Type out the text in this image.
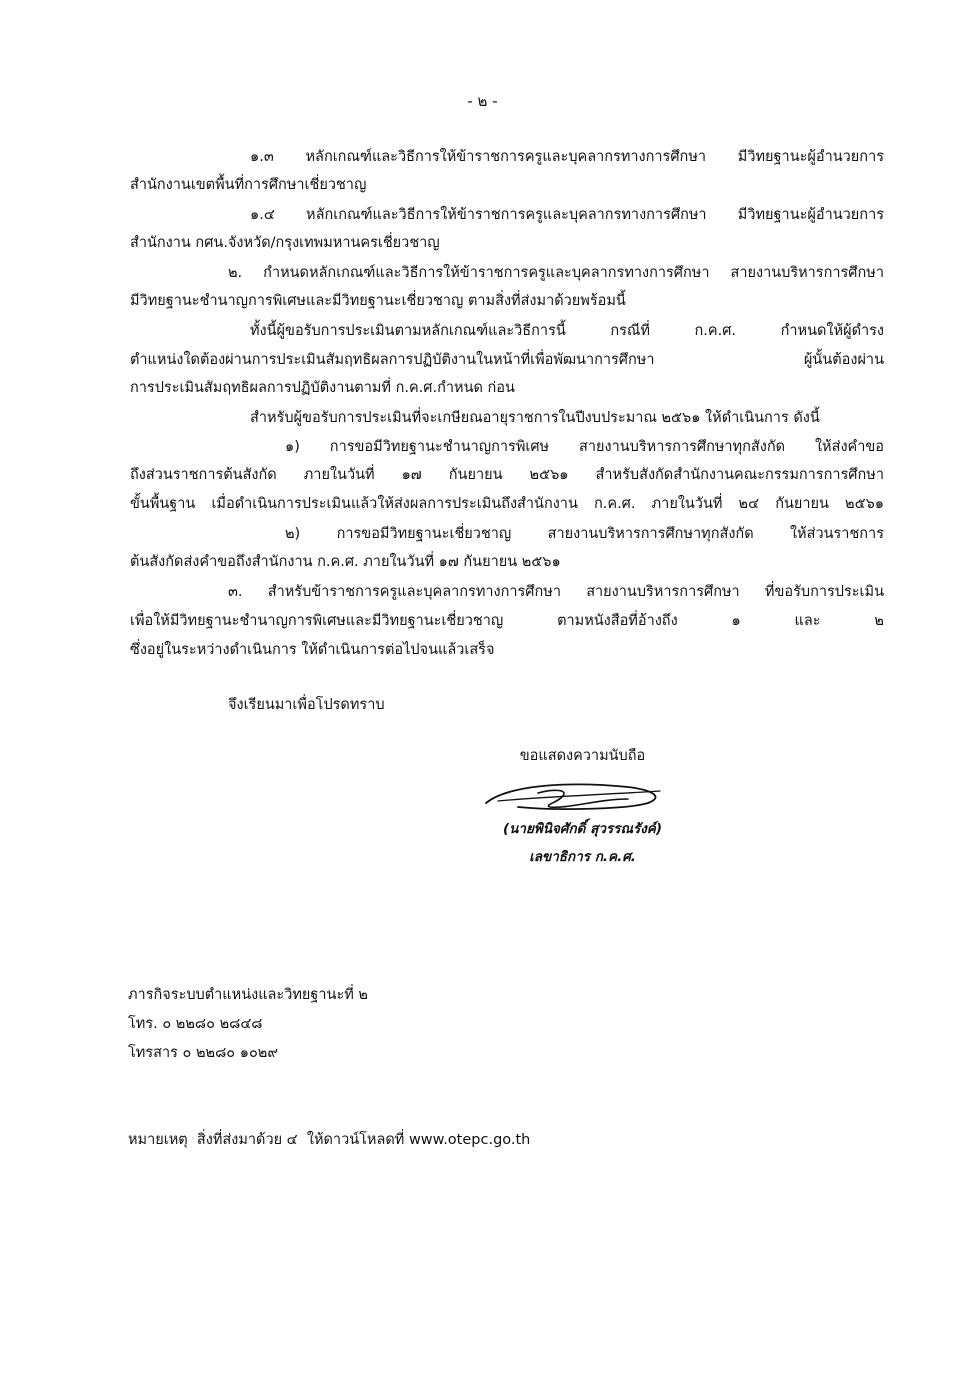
- ๒ -
๑.๓ หลักเกณฑ์และวิธีการให้ข้าราชการครูและบุคลากรทางการศึกษา มีวิทยฐานะผู้อำนวยการ
สำนักงานเขตพื้นที่การศึกษาเชี่ยวชาญ
๑.๔ หลักเกณฑ์และวิธีการให้ข้าราชการครูและบุคลากรทางการศึกษา มีวิทยฐานะผู้อำนวยการ
สำนักงาน กศน.จังหวัด/กรุงเทพมหานครเชี่ยวชาญ
๒. กำหนดหลักเกณฑ์และวิธีการให้ข้าราชการครูและบุคลากรทางการศึกษา สายงานบริหารการศึกษา
มีวิทยฐานะชำนาญการพิเศษและมีวิทยฐานะเชี่ยวชาญ ตามสิ่งที่ส่งมาด้วยพร้อมนี้
ทั้งนี้ผู้ขอรับการประเมินตามหลักเกณฑ์และวิธีการนี้ กรณีที่ ก.ค.ศ. กำหนดให้ผู้ดำรง
ตำแหน่งใดต้องผ่านการประเมินสัมฤทธิผลการปฏิบัติงานในหน้าที่เพื่อพัฒนาการศึกษา ผู้นั้นต้องผ่าน
การประเมินสัมฤทธิผลการปฏิบัติงานตามที่ ก.ค.ศ.กำหนด ก่อน
สำหรับผู้ขอรับการประเมินที่จะเกษียณอายุราชการในปีงบประมาณ ๒๕๖๑ ให้ดำเนินการ ดังนี้
๑) การขอมีวิทยฐานะชำนาญการพิเศษ สายงานบริหารการศึกษาทุกสังกัด ให้ส่งคำขอ
ถึงส่วนราชการต้นสังกัด ภายในวันที่ ๑๗ กันยายน ๒๕๖๑ สำหรับสังกัดสำนักงานคณะกรรมการการศึกษา
ขั้นพื้นฐาน เมื่อดำเนินการประเมินแล้วให้ส่งผลการประเมินถึงสำนักงาน ก.ค.ศ. ภายในวันที่ ๒๔ กันยายน ๒๕๖๑
๒) การขอมีวิทยฐานะเชี่ยวชาญ สายงานบริหารการศึกษาทุกสังกัด ให้ส่วนราชการ
ต้นสังกัดส่งคำขอถึงสำนักงาน ก.ค.ศ. ภายในวันที่ ๑๗ กันยายน ๒๕๖๑
๓. สำหรับข้าราชการครูและบุคลากรทางการศึกษา สายงานบริหารการศึกษา ที่ขอรับการประเมิน
เพื่อให้มีวิทยฐานะชำนาญการพิเศษและมีวิทยฐานะเชี่ยวชาญ ตามหนังสือที่อ้างถึง ๑ และ ๒
ซึ่งอยู่ในระหว่างดำเนินการ ให้ดำเนินการต่อไปจนแล้วเสร็จ
จึงเรียนมาเพื่อโปรดทราบ
ขอแสดงความนับถือ
(นายพินิจศักดิ์ สุวรรณรังค์)
เลขาธิการ ก.ค.ศ.
ภารกิจระบบตำแหน่งและวิทยฐานะที่ ๒
โทร. ๐ ๒๒๘๐ ๒๘๔๘
โทรสาร ๐ ๒๒๘๐ ๑๐๒๙
หมายเหตุ  สิ่งที่ส่งมาด้วย ๔  ให้ดาวน์โหลดที่ www.otepc.go.th
